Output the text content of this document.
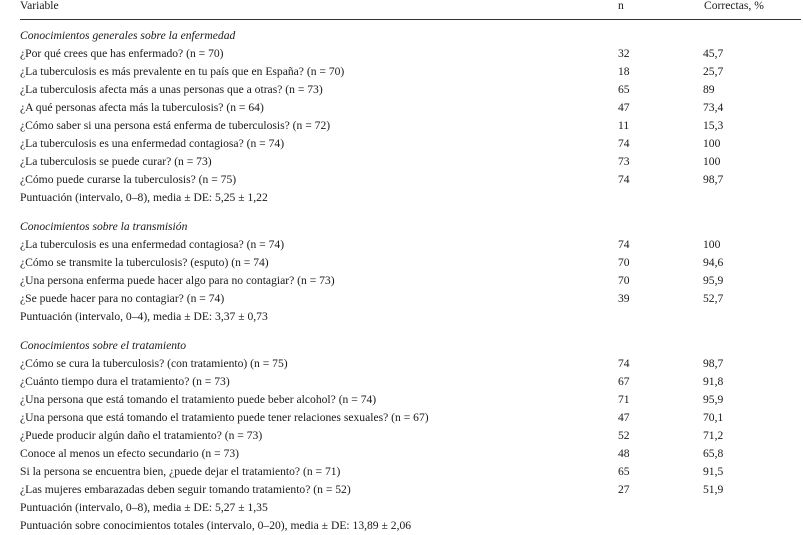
Variable	n	Correctas, %
Conocimientos generales sobre la enfermedad
¿Por qué crees que has enfermado? (n = 70)	32	45,7
¿La tuberculosis es más prevalente en tu país que en España? (n = 70)	18	25,7
¿La tuberculosis afecta más a unas personas que a otras? (n = 73)	65	89
¿A qué personas afecta más la tuberculosis? (n = 64)	47	73,4
¿Cómo saber si una persona está enferma de tuberculosis? (n = 72)	11	15,3
¿La tuberculosis es una enfermedad contagiosa? (n = 74)	74	100
¿La tuberculosis se puede curar? (n = 73)	73	100
¿Cómo puede curarse la tuberculosis? (n = 75)	74	98,7
Puntuación (intervalo, 0–8), media ± DE: 5,25 ± 1,22
Conocimientos sobre la transmisión
¿La tuberculosis es una enfermedad contagiosa? (n = 74)	74	100
¿Cómo se transmite la tuberculosis? (esputo) (n = 74)	70	94,6
¿Una persona enferma puede hacer algo para no contagiar? (n = 73)	70	95,9
¿Se puede hacer para no contagiar? (n = 74)	39	52,7
Puntuación (intervalo, 0–4), media ± DE: 3,37 ± 0,73
Conocimientos sobre el tratamiento
¿Cómo se cura la tuberculosis? (con tratamiento) (n = 75)	74	98,7
¿Cuánto tiempo dura el tratamiento? (n = 73)	67	91,8
¿Una persona que está tomando el tratamiento puede beber alcohol? (n = 74)	71	95,9
¿Una persona que está tomando el tratamiento puede tener relaciones sexuales? (n = 67)	47	70,1
¿Puede producir algún daño el tratamiento? (n = 73)	52	71,2
Conoce al menos un efecto secundario (n = 73)	48	65,8
Si la persona se encuentra bien, ¿puede dejar el tratamiento? (n = 71)	65	91,5
¿Las mujeres embarazadas deben seguir tomando tratamiento? (n = 52)	27	51,9
Puntuación (intervalo, 0–8), media ± DE: 5,27 ± 1,35
Puntuación sobre conocimientos totales (intervalo, 0–20), media ± DE: 13,89 ± 2,06
